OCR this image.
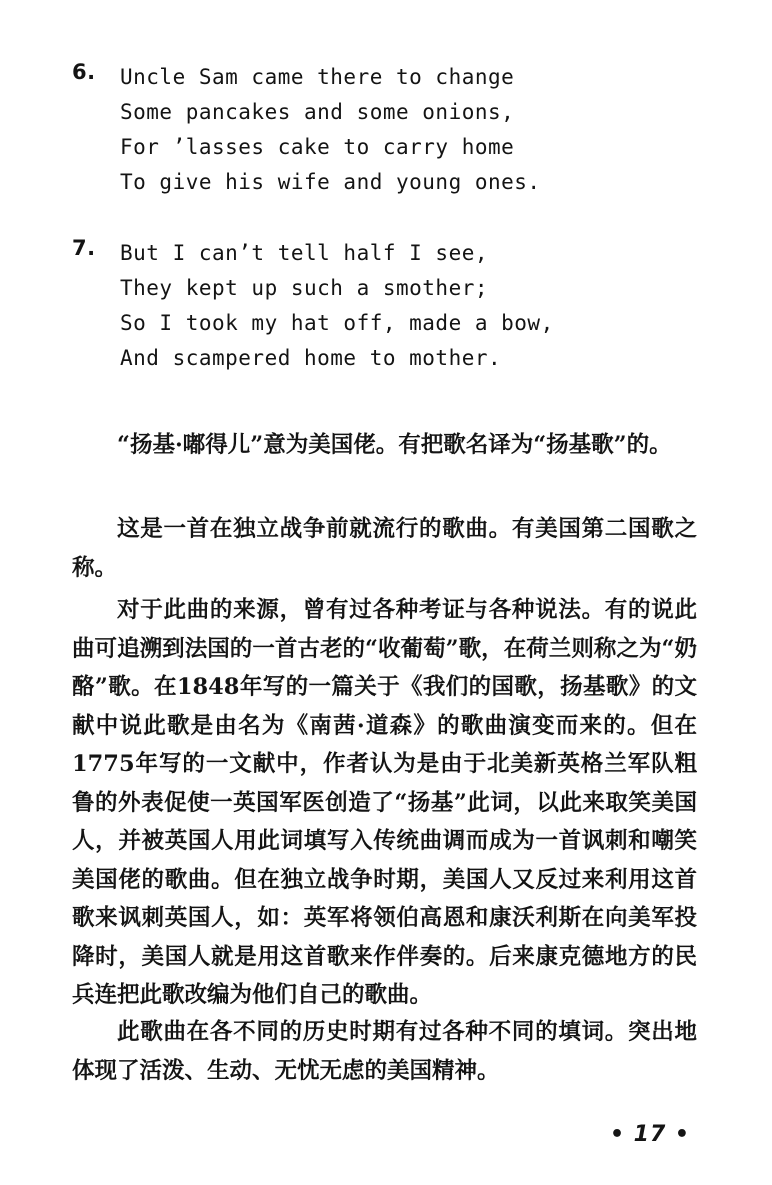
6. Uncle Sam came there to change
Some pancakes and some onions,
For ’lasses cake to carry home
To give his wife and young ones.
7. But I can’t tell half I see,
They kept up such a smother;
So I took my hat off, made a bow,
And scampered home to mother.

“扬基·嘟得儿”意为美国佬。有把歌名译为“扬基歌”的。

这是一首在独立战争前就流行的歌曲。有美国第二国歌之称。

对于此曲的来源，曾有过各种考证与各种说法。有的说此曲可追溯到法国的一首古老的“收葡萄”歌，在荷兰则称之为“奶酪”歌。在1848年写的一篇关于《我们的国歌，扬基歌》的文献中说此歌是由名为《南茜·道森》的歌曲演变而来的。但在1775年写的一文献中，作者认为是由于北美新英格兰军队粗鲁的外表促使一英国军医创造了“扬基”此词，以此来取笑美国人，并被英国人用此词填写入传统曲调而成为一首讽刺和嘲笑美国佬的歌曲。但在独立战争时期，美国人又反过来利用这首歌来讽刺英国人，如：英军将领伯高恩和康沃利斯在向美军投降时，美国人就是用这首歌来作伴奏的。后来康克德地方的民兵连把此歌改编为他们自己的歌曲。

此歌曲在各不同的历史时期有过各种不同的填词。突出地体现了活泼、生动、无忧无虑的美国精神。

• 17 •
